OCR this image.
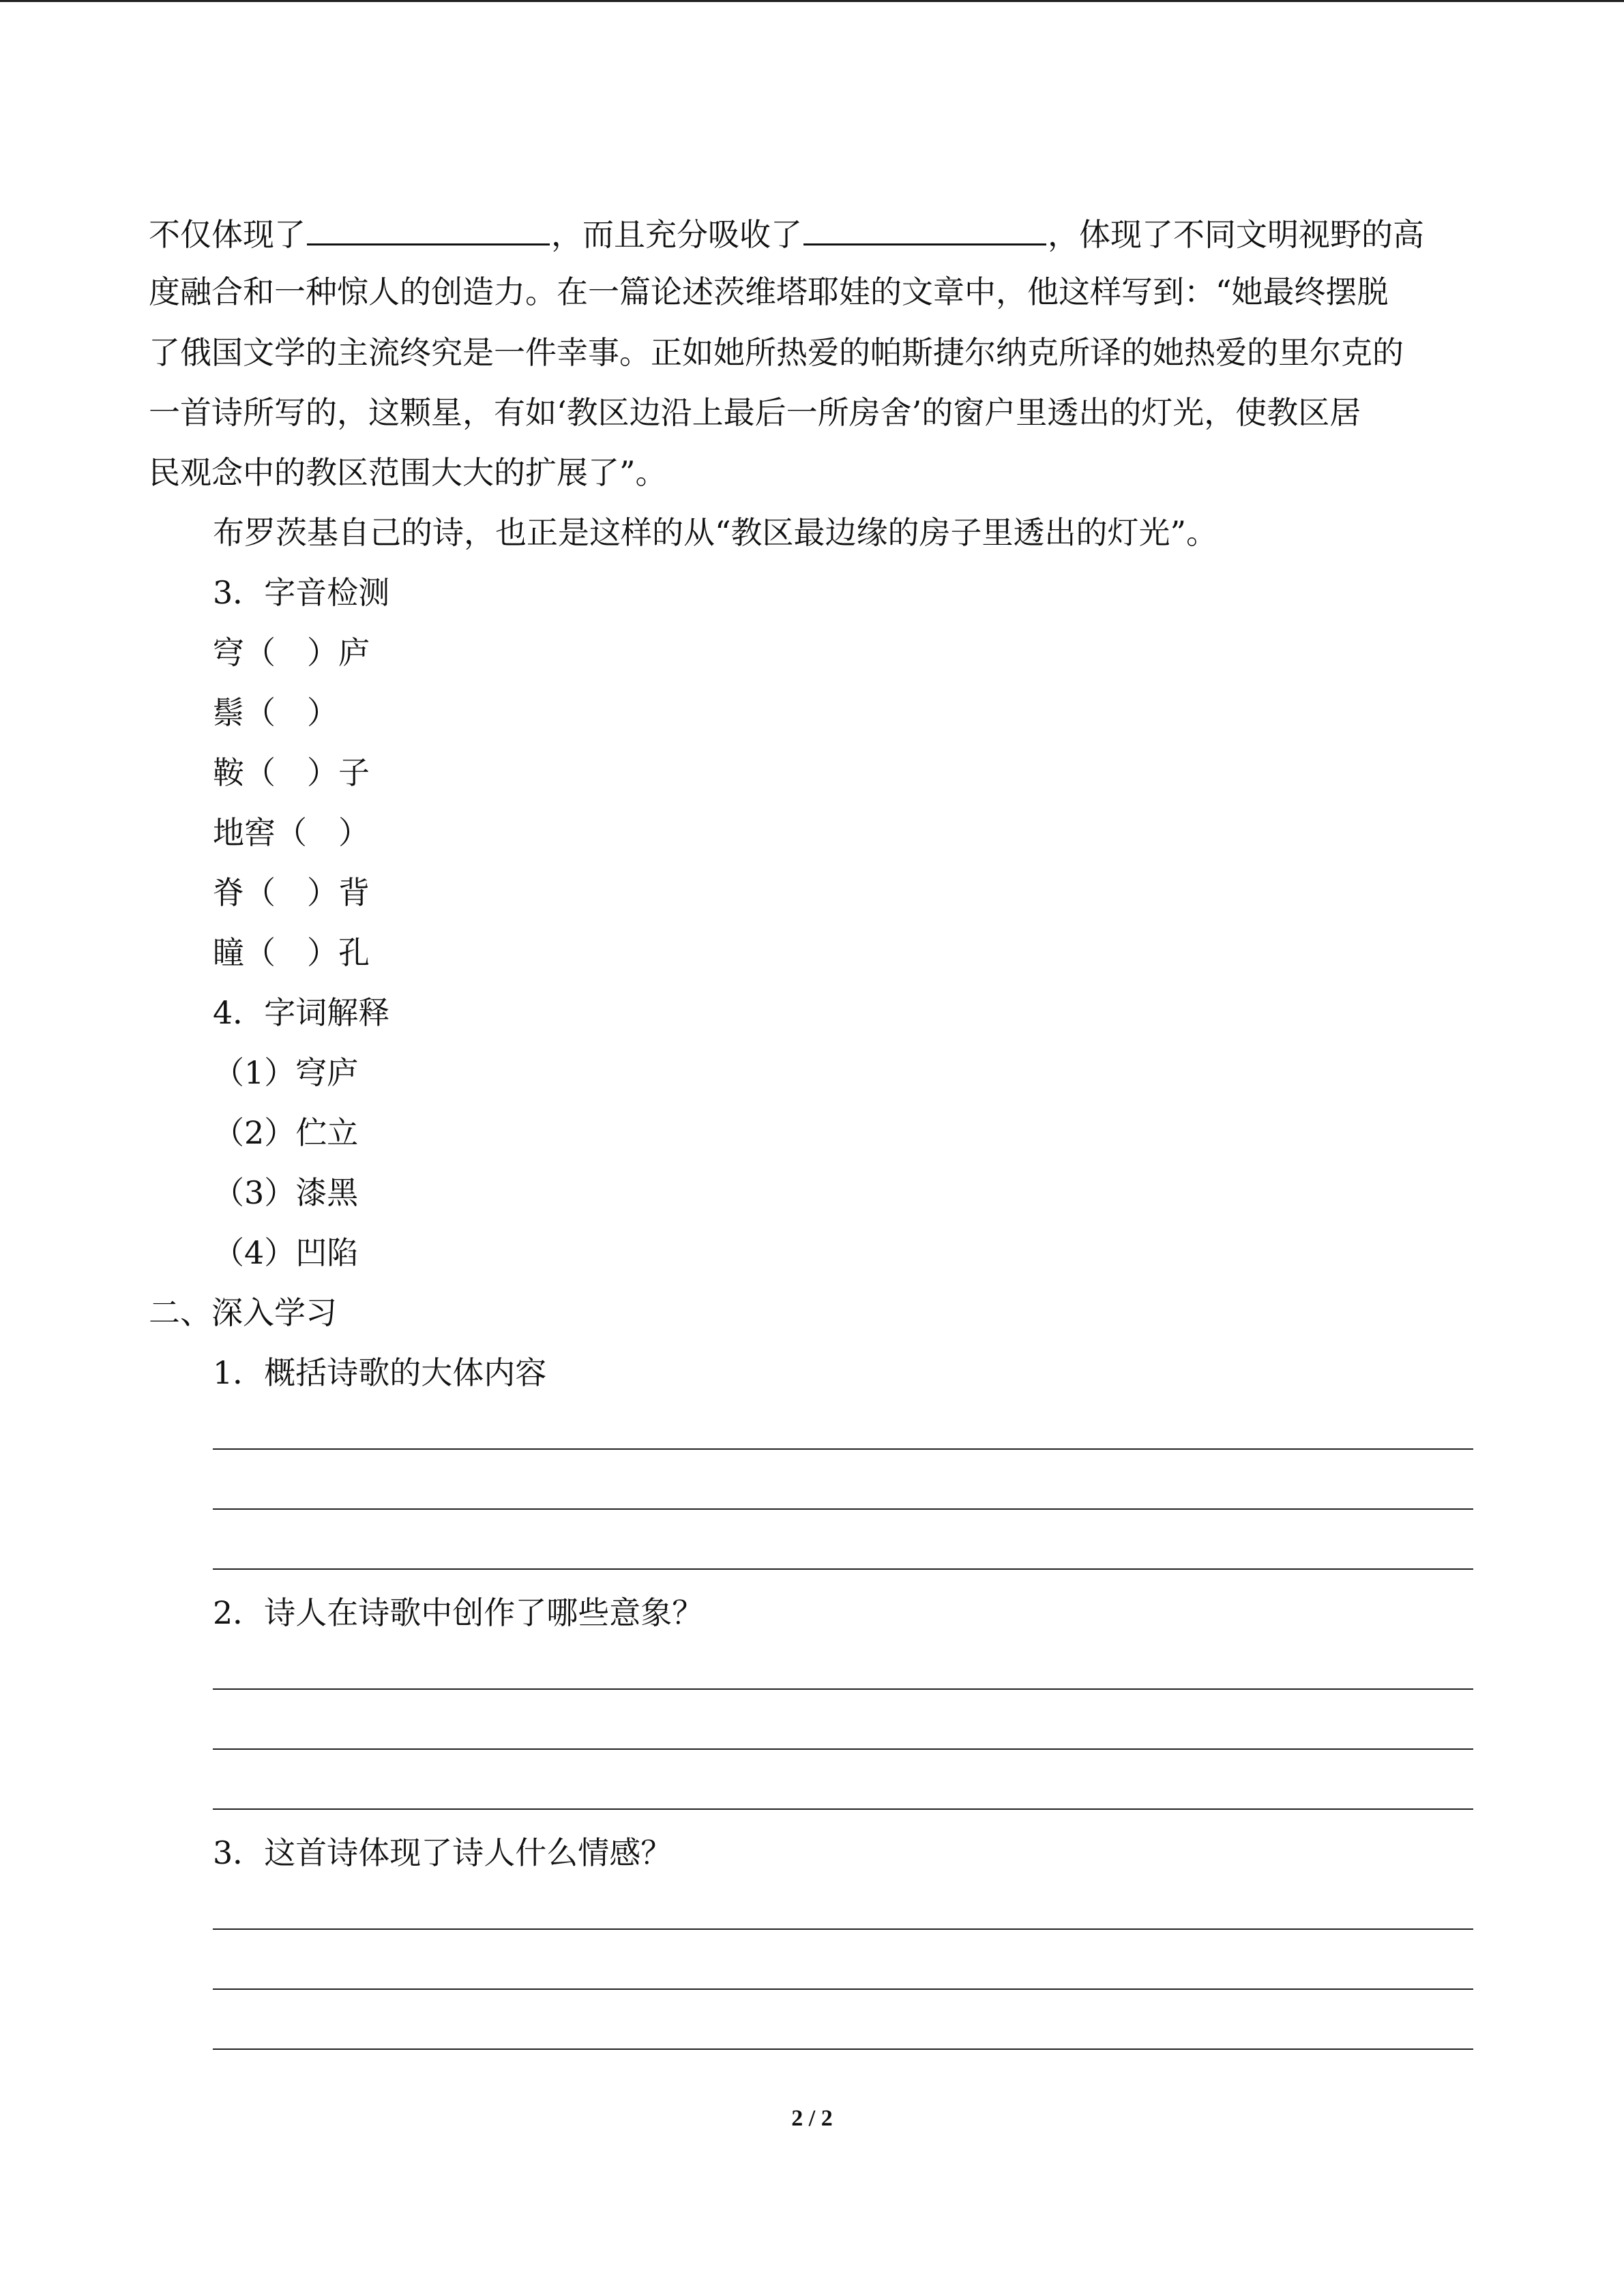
不仅体现了	，而且充分吸收了	，体现了不同文明视野的高
度融合和一种惊人的创造力。在一篇论述茨维塔耶娃的文章中，他这样写到：“她最终摆脱
了俄国文学的主流终究是一件幸事。正如她所热爱的帕斯捷尔纳克所译的她热爱的里尔克的
一首诗所写的，这颗星，有如‘教区边沿上最后一所房舍’的窗户里透出的灯光，使教区居
民观念中的教区范围大大的扩展了”。
布罗茨基自己的诗，也正是这样的从“教区最边缘的房子里透出的灯光”。
3．字音检测
穹（　）庐
鬃（　）
鞍（　）子
地窖（　）
脊（　）背
瞳（　）孔
4．字词解释
（1）穹庐
（2）伫立
（3）漆黑
（4）凹陷
二、深入学习
1．概括诗歌的大体内容
2．诗人在诗歌中创作了哪些意象？
3．这首诗体现了诗人什么情感？
2 / 2
